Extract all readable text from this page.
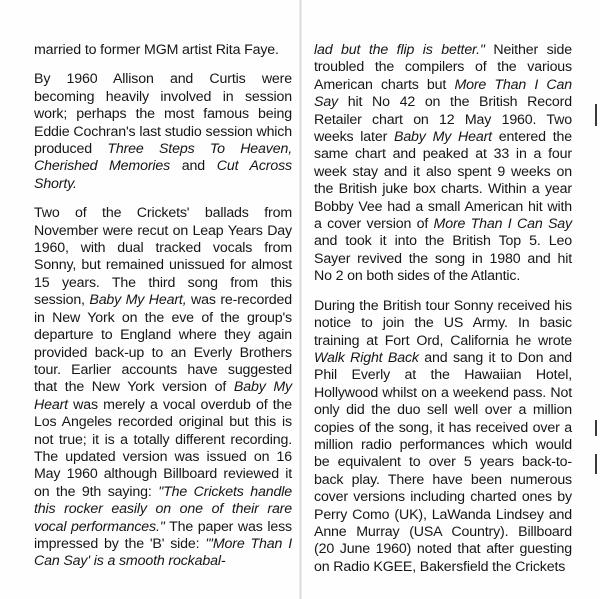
married to former MGM artist Rita Faye.

By 1960 Allison and Curtis were becoming heavily involved in session work; perhaps the most famous being Eddie Cochran's last studio session which produced Three Steps To Heaven, Cherished Memories and Cut Across Shorty.

Two of the Crickets' ballads from November were recut on Leap Years Day 1960, with dual tracked vocals from Sonny, but remained unissued for almost 15 years. The third song from this session, Baby My Heart, was re-recorded in New York on the eve of the group's departure to England where they again provided back-up to an Everly Brothers tour. Earlier accounts have suggested that the New York version of Baby My Heart was merely a vocal overdub of the Los Angeles recorded original but this is not true; it is a totally different recording. The updated version was issued on 16 May 1960 although Billboard reviewed it on the 9th saying: "The Crickets handle this rocker easily on one of their rare vocal performances." The paper was less impressed by the 'B' side: "'More Than I Can Say' is a smooth rockabal-

lad but the flip is better." Neither side troubled the compilers of the various American charts but More Than I Can Say hit No 42 on the British Record Retailer chart on 12 May 1960. Two weeks later Baby My Heart entered the same chart and peaked at 33 in a four week stay and it also spent 9 weeks on the British juke box charts. Within a year Bobby Vee had a small American hit with a cover version of More Than I Can Say and took it into the British Top 5. Leo Sayer revived the song in 1980 and hit No 2 on both sides of the Atlantic.

During the British tour Sonny received his notice to join the US Army. In basic training at Fort Ord, California he wrote Walk Right Back and sang it to Don and Phil Everly at the Hawaiian Hotel, Hollywood whilst on a weekend pass. Not only did the duo sell well over a million copies of the song, it has received over a million radio performances which would be equivalent to over 5 years back-to-back play. There have been numerous cover versions including charted ones by Perry Como (UK), LaWanda Lindsey and Anne Murray (USA Country). Billboard (20 June 1960) noted that after guesting on Radio KGEE, Bakersfield the Crickets
